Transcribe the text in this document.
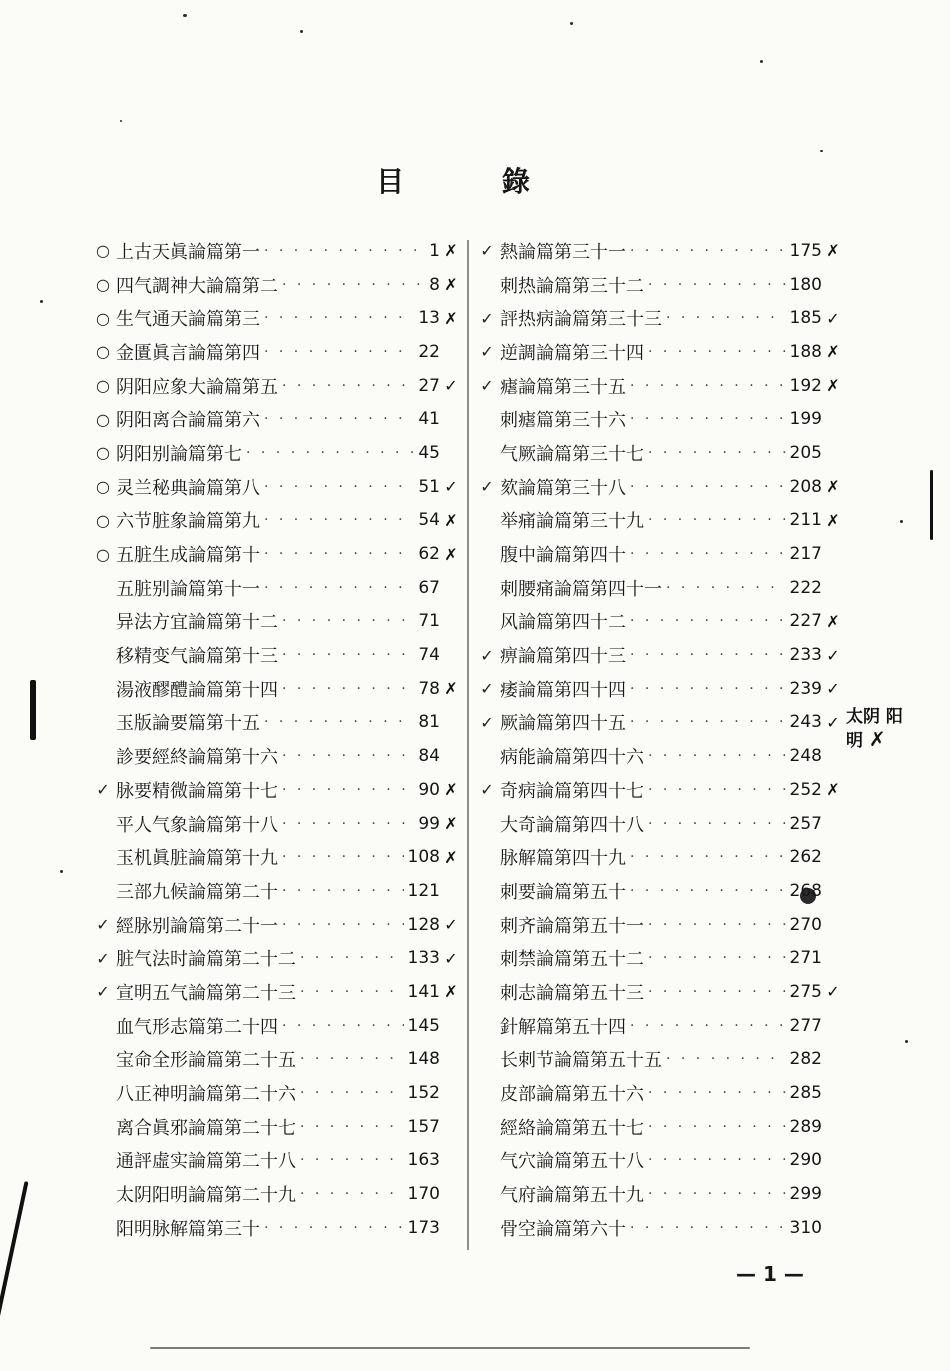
目 錄
○ 上古天眞論篇第一 · · ·	1 ✗
○ 四气調神大論篇第二 · · ·	8 ✗
○ 生气通天論篇第三 · · ·	13 ✗
○ 金匱眞言論篇第四 · · ·	22
○ 阴阳应象大論篇第五 · · ·	27 ✓
○ 阴阳离合論篇第六 · · ·	41
○ 阴阳别論篇第七 · · ·	45
○ 灵兰秘典論篇第八 · · ·	51 ✓
○ 六节脏象論篇第九 · · ·	54 ✗
○ 五脏生成論篇第十 · · ·	62 ✗
五脏别論篇第十一 · · ·	67
异法方宜論篇第十二 · · ·	71
移精变气論篇第十三 · · ·	74
湯液醪醴論篇第十四 · · ·	78 ✗
玉版論要篇第十五 · · ·	81
診要經終論篇第十六 · · ·	84
✓ 脉要精微論篇第十七 · · ·	90 ✗
平人气象論篇第十八 · · ·	99 ✗
玉机眞脏論篇第十九 · · ·	108 ✗
三部九候論篇第二十 · · ·	121
✓ 經脉别論篇第二十一 · · ·	128 ✓
✓ 脏气法时論篇第二十二 · · ·	133 ✓
✓ 宣明五气論篇第二十三 · · ·	141 ✗
血气形志篇第二十四 · · ·	145
宝命全形論篇第二十五 · · ·	148
八正神明論篇第二十六 · · ·	152
离合眞邪論篇第二十七 · · ·	157
通評虛实論篇第二十八 · · ·	163
太阴阳明論篇第二十九 · · ·	170
阳明脉解篇第三十 · · ·	173
✓ 熱論篇第三十一 · · ·	175 ✗
刺热論篇第三十二 · · ·	180
✓ 評热病論篇第三十三 · · ·	185 ✓
✓ 逆調論篇第三十四 · · ·	188 ✗
✓ 瘧論篇第三十五 · · ·	192 ✗
刺瘧篇第三十六 · · ·	199
气厥論篇第三十七 · · ·	205
✓ 欬論篇第三十八 · · ·	208 ✗
举痛論篇第三十九 · · ·	211 ✗
腹中論篇第四十 · · ·	217
刺腰痛論篇第四十一 · · ·	222
风論篇第四十二 · · ·	227 ✗
✓ 痹論篇第四十三 · · ·	233 ✓
✓ 痿論篇第四十四 · · ·	239 ✓
✓ 厥論篇第四十五 · · ·	243 ✓
病能論篇第四十六 · · ·	248
✓ 奇病論篇第四十七 · · ·	252 ✗
大奇論篇第四十八 · · ·	257
脉解篇第四十九 · · ·	262
刺要論篇第五十 · · ·	268
刺齐論篇第五十一 · · ·	270
刺禁論篇第五十二 · · ·	271
刺志論篇第五十三 · · ·	275 ✓
針解篇第五十四 · · ·	277
长刺节論篇第五十五 · · ·	282
皮部論篇第五十六 · · ·	285
經絡論篇第五十七 · · ·	289
气穴論篇第五十八 · · ·	290
气府論篇第五十九 · · ·	299
骨空論篇第六十 · · ·	310
太阴 阳明 ✗
— 1 —
